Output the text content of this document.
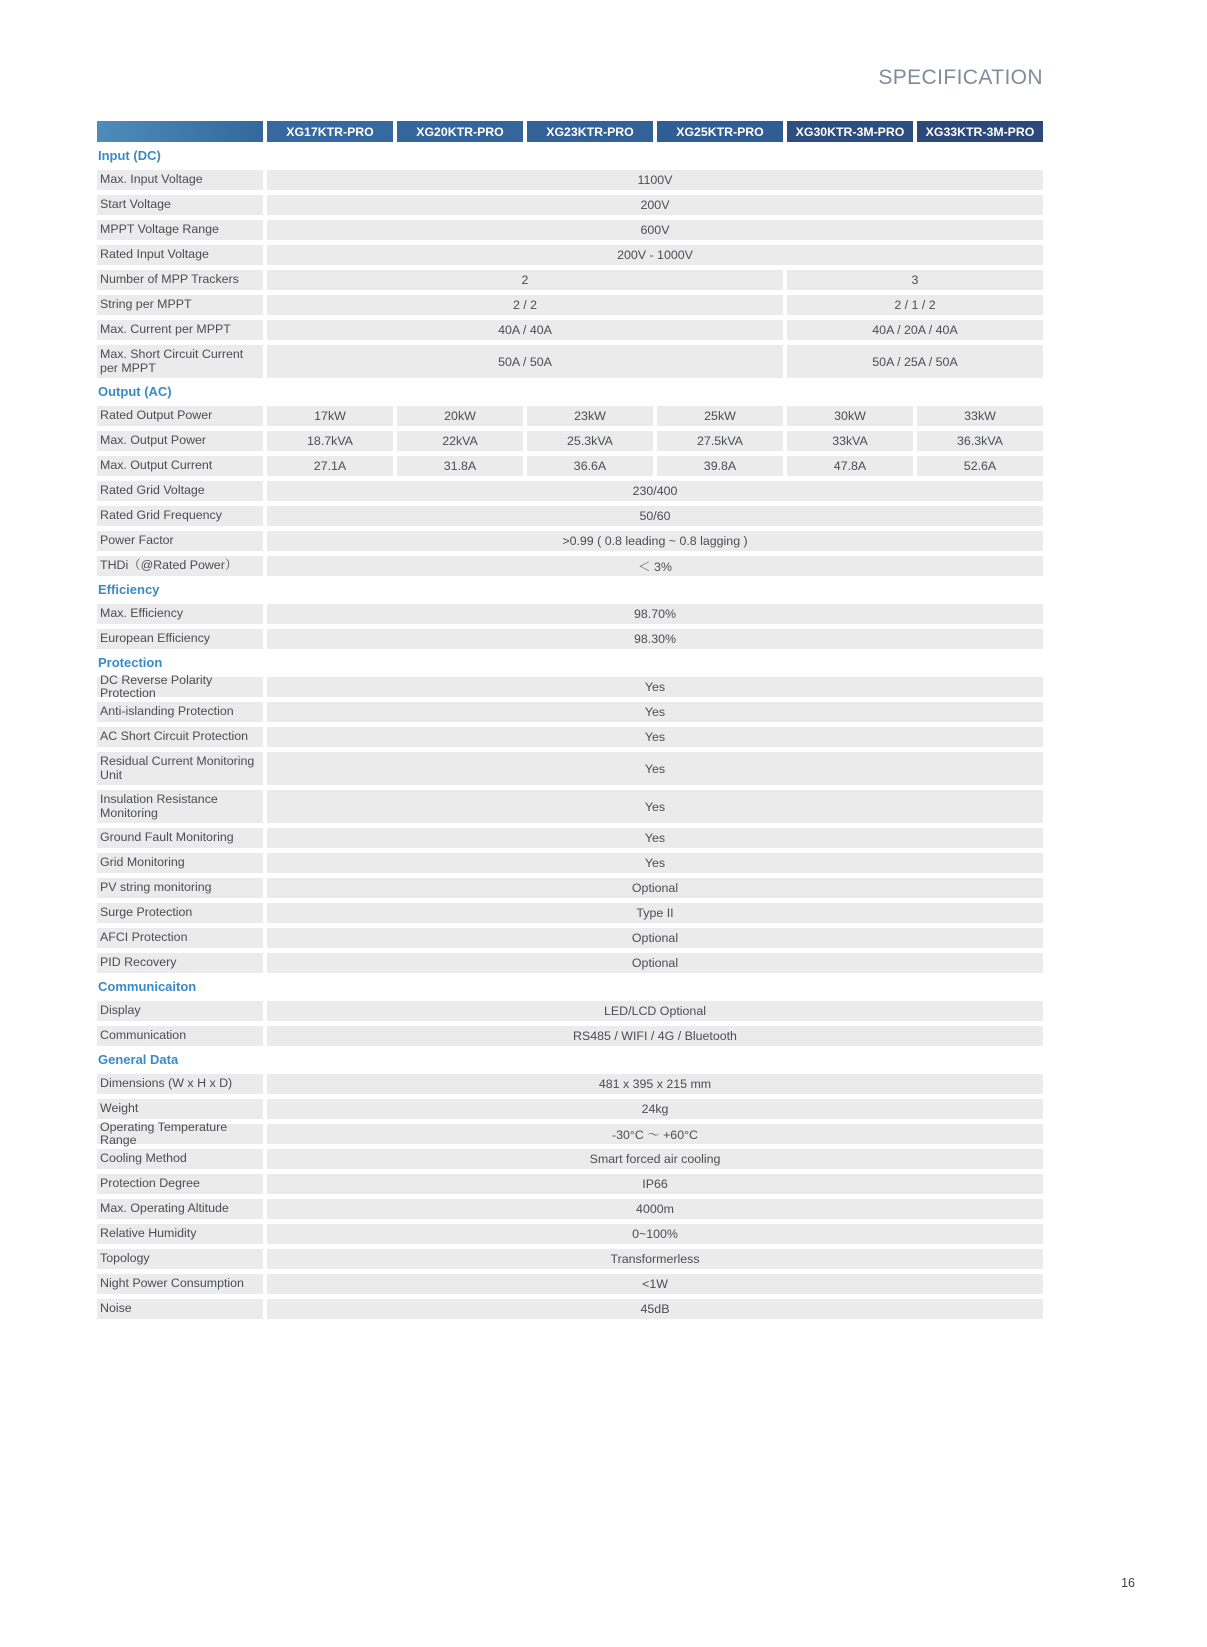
SPECIFICATION
XG17KTR-PRO	XG20KTR-PRO	XG23KTR-PRO	XG25KTR-PRO	XG30KTR-3M-PRO	XG33KTR-3M-PRO
Input (DC)
Max. Input Voltage	1100V
Start Voltage	200V
MPPT Voltage Range	600V
Rated Input Voltage	200V - 1000V
Number of MPP Trackers	2	3
String per MPPT	2 / 2	2 / 1 / 2
Max. Current per MPPT	40A / 40A	40A / 20A / 40A
Max. Short Circuit Current per MPPT	50A / 50A	50A / 25A / 50A
Output (AC)
Rated Output Power	17kW	20kW	23kW	25kW	30kW	33kW
Max. Output Power	18.7kVA	22kVA	25.3kVA	27.5kVA	33kVA	36.3kVA
Max. Output Current	27.1A	31.8A	36.6A	39.8A	47.8A	52.6A
Rated Grid Voltage	230/400
Rated Grid Frequency	50/60
Power Factor	>0.99 ( 0.8 leading ~ 0.8 lagging )
THDi（@Rated Power）	＜ 3%
Efficiency
Max. Efficiency	98.70%
European Efficiency	98.30%
Protection
DC Reverse Polarity Protection	Yes
Anti-islanding Protection	Yes
AC Short Circuit Protection	Yes
Residual Current Monitoring Unit	Yes
Insulation Resistance Monitoring	Yes
Ground Fault Monitoring	Yes
Grid Monitoring	Yes
PV string monitoring	Optional
Surge Protection	Type II
AFCI Protection	Optional
PID Recovery	Optional
Communicaiton
Display	LED/LCD Optional
Communication	RS485 / WIFI / 4G / Bluetooth
General Data
Dimensions (W x H x D)	481 x 395 x 215 mm
Weight	24kg
Operating Temperature Range	-30°C ～ +60°C
Cooling Method	Smart forced air cooling
Protection Degree	IP66
Max. Operating Altitude	4000m
Relative Humidity	0~100%
Topology	Transformerless
Night Power Consumption	<1W
Noise	45dB
16
